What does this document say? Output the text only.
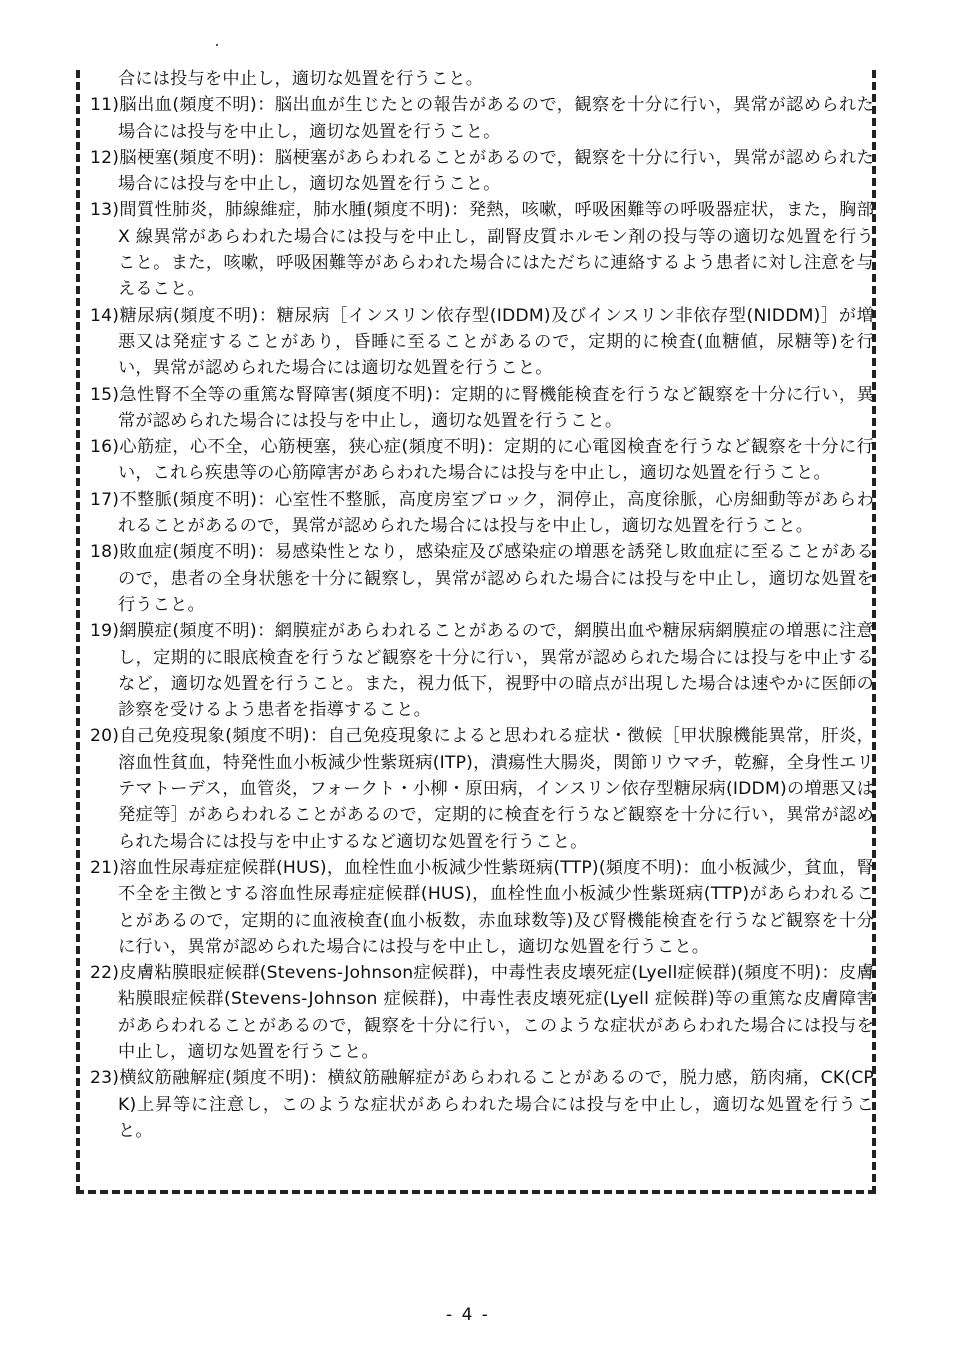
合には投与を中止し，適切な処置を行うこと。

11)脳出血(頻度不明)：脳出血が生じたとの報告があるので，観察を十分に行い，異常が認められた場合には投与を中止し，適切な処置を行うこと。

12)脳梗塞(頻度不明)：脳梗塞があらわれることがあるので，観察を十分に行い，異常が認められた場合には投与を中止し，適切な処置を行うこと。

13)間質性肺炎，肺線維症，肺水腫(頻度不明)：発熱，咳嗽，呼吸困難等の呼吸器症状，また，胸部 X 線異常があらわれた場合には投与を中止し，副腎皮質ホルモン剤の投与等の適切な処置を行うこと。また，咳嗽，呼吸困難等があらわれた場合にはただちに連絡するよう患者に対し注意を与えること。

14)糖尿病(頻度不明)：糖尿病［インスリン依存型(IDDM)及びインスリン非依存型(NIDDM)］が増悪又は発症することがあり，昏睡に至ることがあるので，定期的に検査(血糖値，尿糖等)を行い，異常が認められた場合には適切な処置を行うこと。

15)急性腎不全等の重篤な腎障害(頻度不明)：定期的に腎機能検査を行うなど観察を十分に行い，異常が認められた場合には投与を中止し，適切な処置を行うこと。

16)心筋症，心不全，心筋梗塞，狭心症(頻度不明)：定期的に心電図検査を行うなど観察を十分に行い，これら疾患等の心筋障害があらわれた場合には投与を中止し，適切な処置を行うこと。

17)不整脈(頻度不明)：心室性不整脈，高度房室ブロック，洞停止，高度徐脈，心房細動等があらわれることがあるので，異常が認められた場合には投与を中止し，適切な処置を行うこと。

18)敗血症(頻度不明)：易感染性となり，感染症及び感染症の増悪を誘発し敗血症に至ることがあるので，患者の全身状態を十分に観察し，異常が認められた場合には投与を中止し，適切な処置を行うこと。

19)網膜症(頻度不明)：網膜症があらわれることがあるので，網膜出血や糖尿病網膜症の増悪に注意し，定期的に眼底検査を行うなど観察を十分に行い，異常が認められた場合には投与を中止するなど，適切な処置を行うこと。また，視力低下，視野中の暗点が出現した場合は速やかに医師の診察を受けるよう患者を指導すること。

20)自己免疫現象(頻度不明)：自己免疫現象によると思われる症状・徴候［甲状腺機能異常，肝炎，溶血性貧血，特発性血小板減少性紫斑病(ITP)，潰瘍性大腸炎，関節リウマチ，乾癬，全身性エリテマトーデス，血管炎，フォークト・小柳・原田病，インスリン依存型糖尿病(IDDM)の増悪又は発症等］があらわれることがあるので，定期的に検査を行うなど観察を十分に行い，異常が認められた場合には投与を中止するなど適切な処置を行うこと。

21)溶血性尿毒症症候群(HUS)，血栓性血小板減少性紫斑病(TTP)(頻度不明)：血小板減少，貧血，腎不全を主徴とする溶血性尿毒症症候群(HUS)，血栓性血小板減少性紫斑病(TTP)があらわれることがあるので，定期的に血液検査(血小板数，赤血球数等)及び腎機能検査を行うなど観察を十分に行い，異常が認められた場合には投与を中止し，適切な処置を行うこと。

22)皮膚粘膜眼症候群(Stevens-Johnson症候群)，中毒性表皮壊死症(Lyell症候群)(頻度不明)：皮膚粘膜眼症候群(Stevens-Johnson 症候群)，中毒性表皮壊死症(Lyell 症候群)等の重篤な皮膚障害があらわれることがあるので，観察を十分に行い，このような症状があらわれた場合には投与を中止し，適切な処置を行うこと。

23)横紋筋融解症(頻度不明)：横紋筋融解症があらわれることがあるので，脱力感，筋肉痛，CK(CPK)上昇等に注意し，このような症状があらわれた場合には投与を中止し，適切な処置を行うこと。

- 4 -
